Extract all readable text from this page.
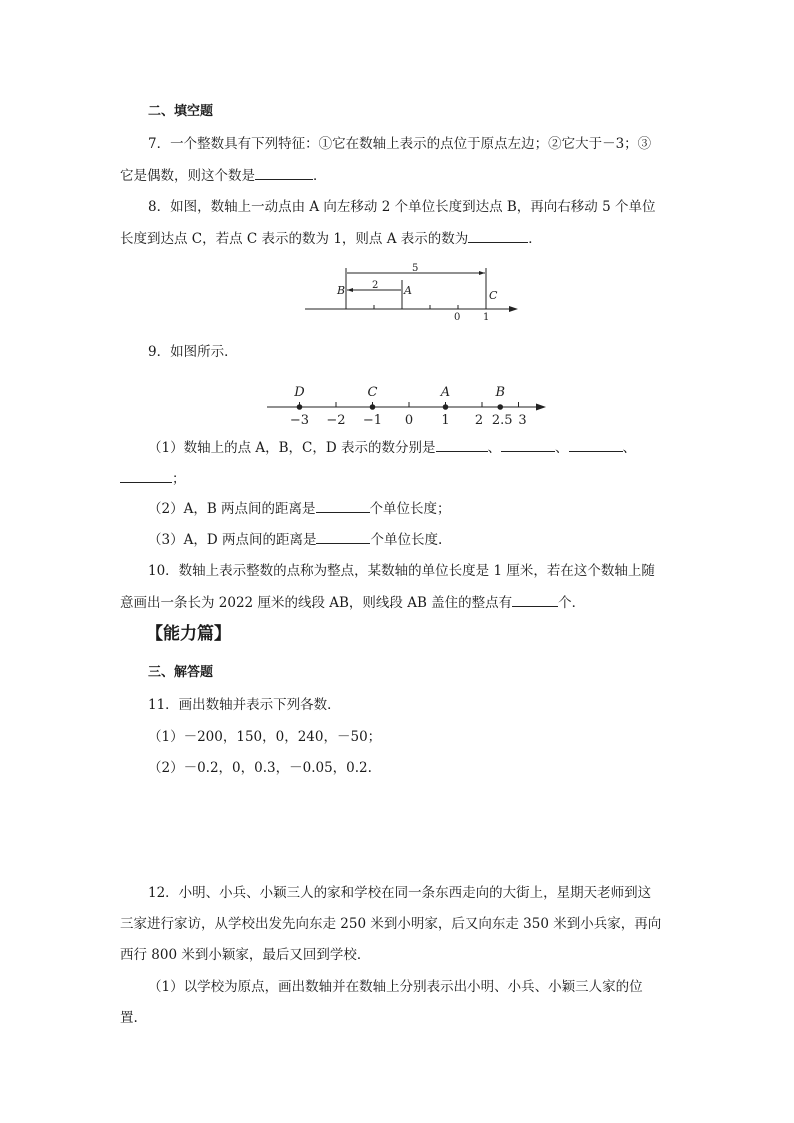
二、填空题
7．一个整数具有下列特征：①它在数轴上表示的点位于原点左边；②它大于－3；③
它是偶数，则这个数是	．
8．如图，数轴上一动点由 A 向左移动 2 个单位长度到达点 B，再向右移动 5 个单位
长度到达点 C，若点 C 表示的数为 1，则点 A 表示的数为	．
5
2
B	A	C
0 1
9．如图所示．
−3 −2 −1 0 1 2 2.5 3
D	C	A	B
（1）数轴上的点 A，B，C，D 表示的数分别是	、	、	、
；
（2）A，B 两点间的距离是	个单位长度；
（3）A，D 两点间的距离是	个单位长度.
10．数轴上表示整数的点称为整点，某数轴的单位长度是 1 厘米，若在这个数轴上随
意画出一条长为 2022 厘米的线段 AB，则线段 AB 盖住的整点有	个．
【能力篇】
三、解答题
11．画出数轴并表示下列各数．
（1）－200，150，0，240，－50；
（2）－0.2，0，0.3，－0.05，0.2.
12．小明、小兵、小颖三人的家和学校在同一条东西走向的大街上，星期天老师到这
三家进行家访，从学校出发先向东走 250 米到小明家，后又向东走 350 米到小兵家，再向
西行 800 米到小颖家，最后又回到学校．
（1）以学校为原点，画出数轴并在数轴上分别表示出小明、小兵、小颖三人家的位
置.
